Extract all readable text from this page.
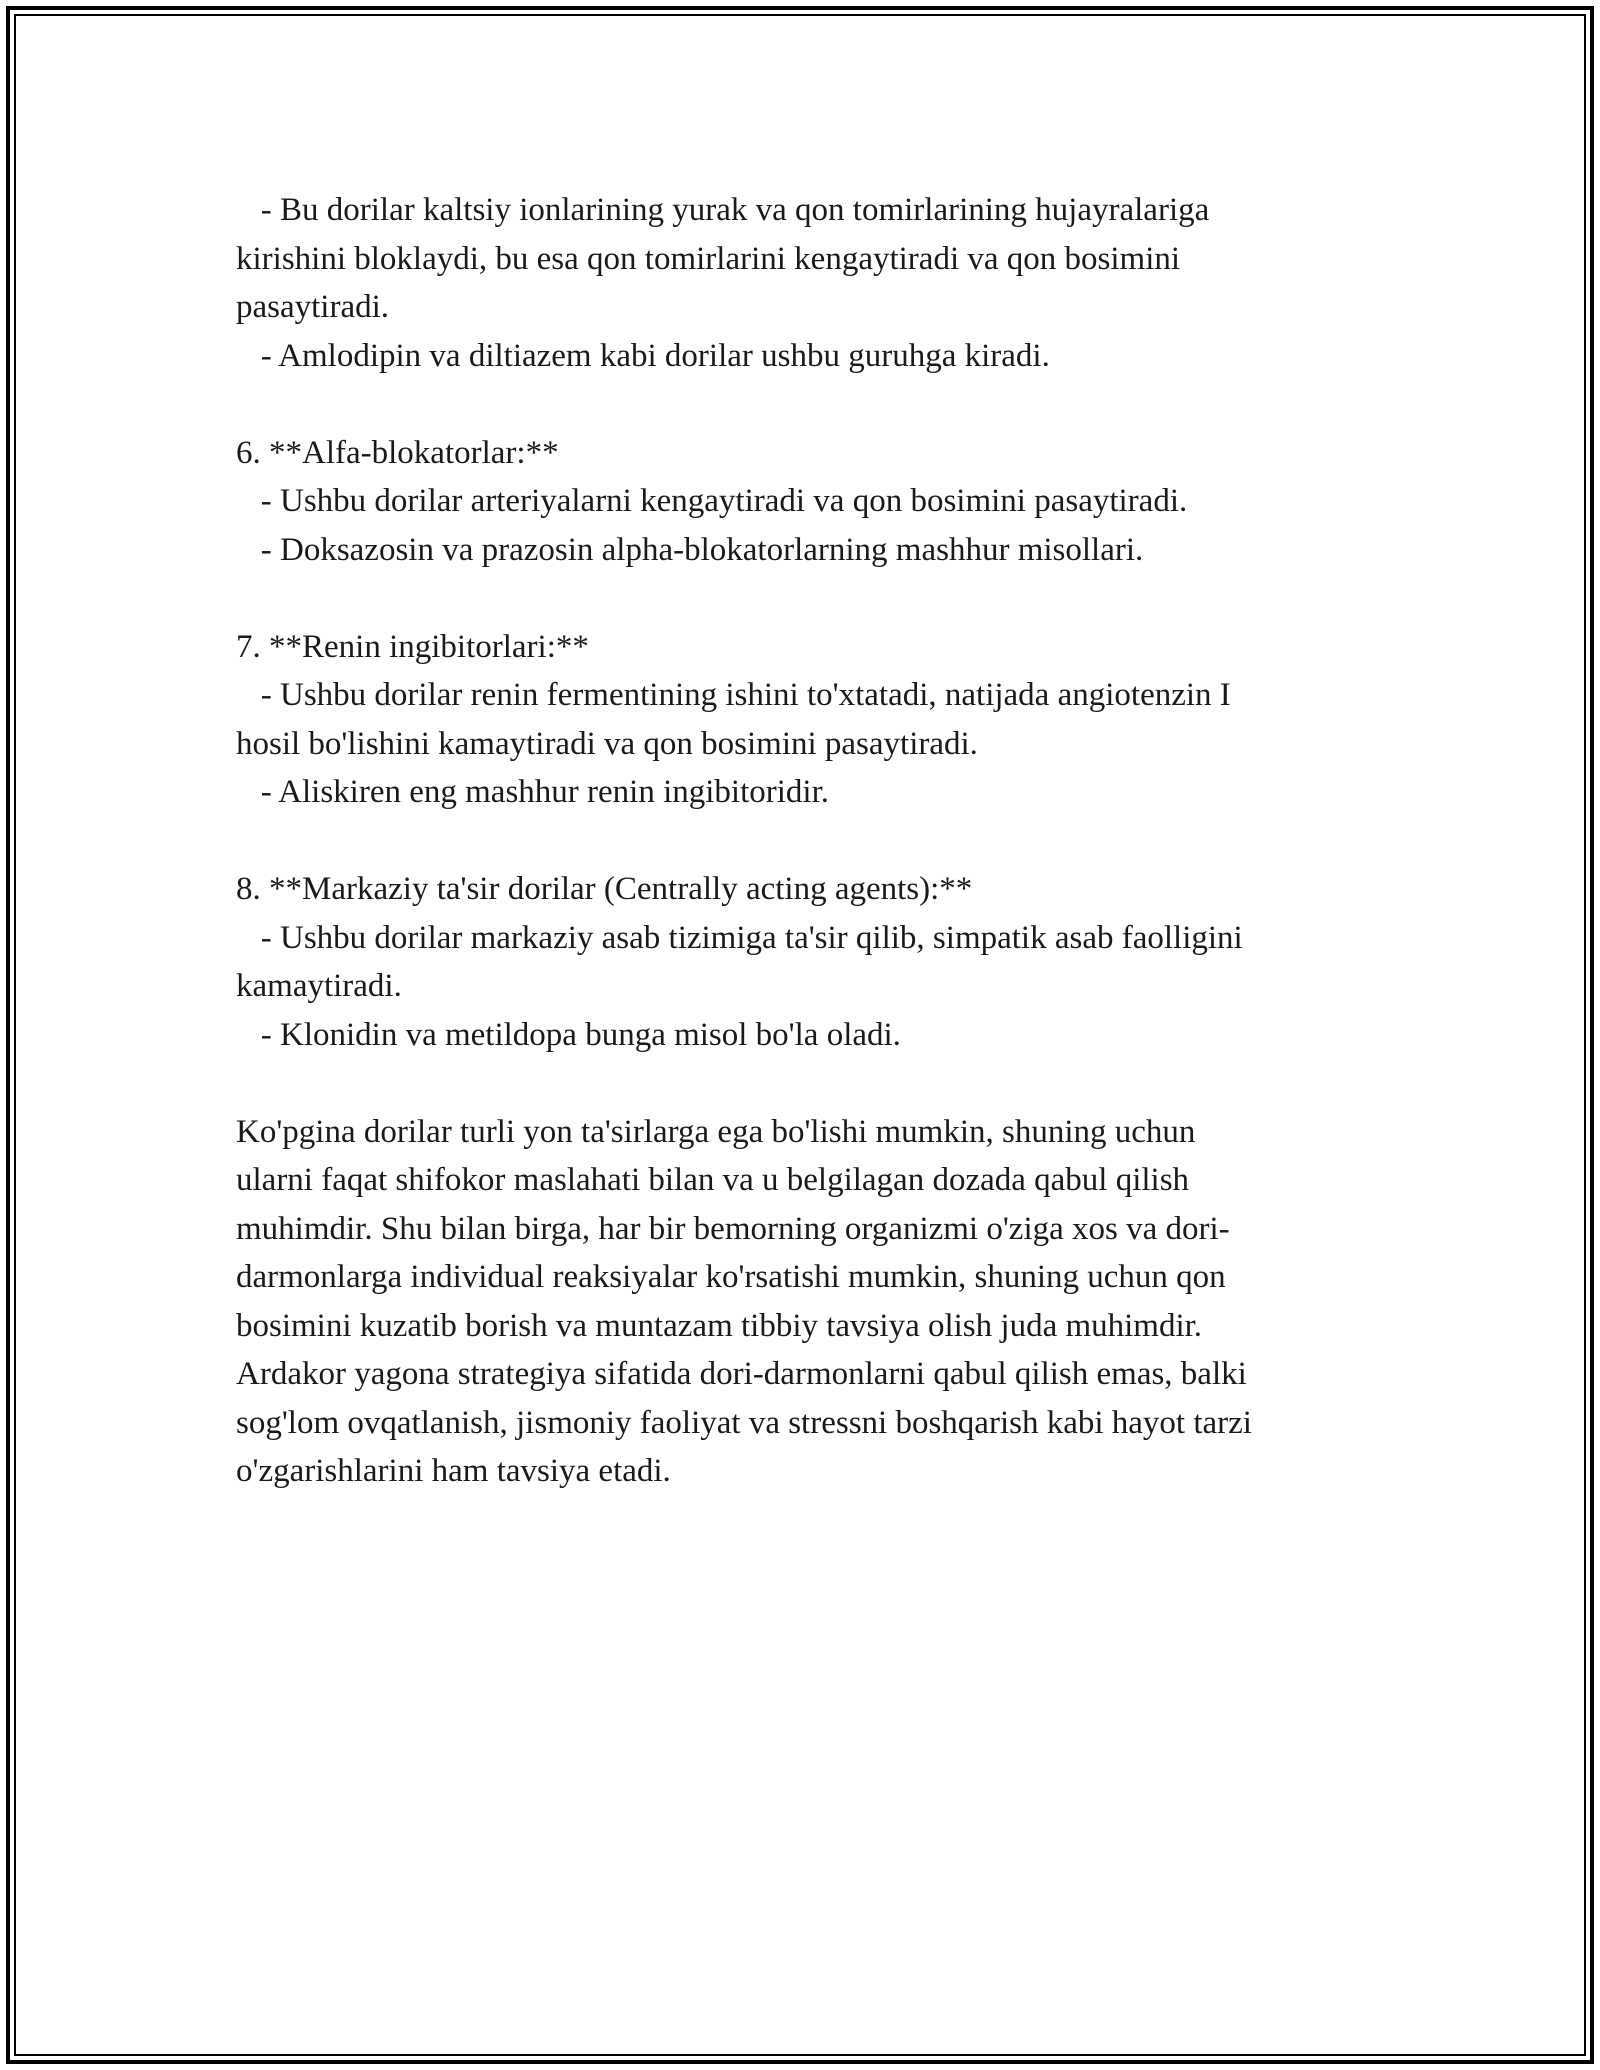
- Bu dorilar kaltsiy ionlarining yurak va qon tomirlarining hujayralariga
kirishini bloklaydi, bu esa qon tomirlarini kengaytiradi va qon bosimini
pasaytiradi.
- Amlodipin va diltiazem kabi dorilar ushbu guruhga kiradi.
6. **Alfa-blokatorlar:**
- Ushbu dorilar arteriyalarni kengaytiradi va qon bosimini pasaytiradi.
- Doksazosin va prazosin alpha-blokatorlarning mashhur misollari.
7. **Renin ingibitorlari:**
- Ushbu dorilar renin fermentining ishini to'xtatadi, natijada angiotenzin I
hosil bo'lishini kamaytiradi va qon bosimini pasaytiradi.
- Aliskiren eng mashhur renin ingibitoridir.
8. **Markaziy ta'sir dorilar (Centrally acting agents):**
- Ushbu dorilar markaziy asab tizimiga ta'sir qilib, simpatik asab faolligini
kamaytiradi.
- Klonidin va metildopa bunga misol bo'la oladi.
Ko'pgina dorilar turli yon ta'sirlarga ega bo'lishi mumkin, shuning uchun
ularni faqat shifokor maslahati bilan va u belgilagan dozada qabul qilish
muhimdir. Shu bilan birga, har bir bemorning organizmi o'ziga xos va dori-
darmonlarga individual reaksiyalar ko'rsatishi mumkin, shuning uchun qon
bosimini kuzatib borish va muntazam tibbiy tavsiya olish juda muhimdir.
Ardakor yagona strategiya sifatida dori-darmonlarni qabul qilish emas, balki
sog'lom ovqatlanish, jismoniy faoliyat va stressni boshqarish kabi hayot tarzi
o'zgarishlarini ham tavsiya etadi.
